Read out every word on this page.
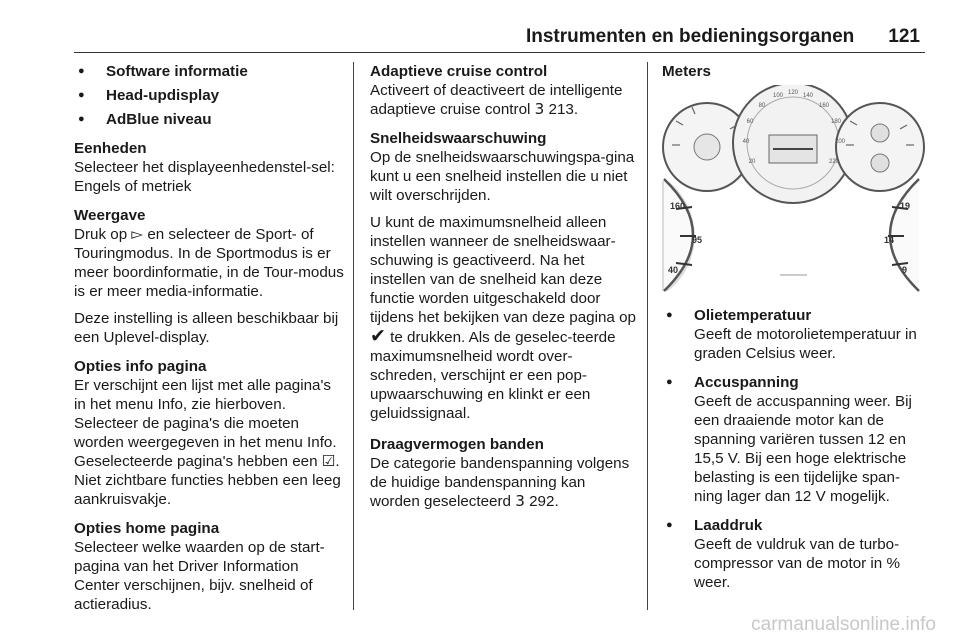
Instrumenten en bedieningsorganen 121
● Software informatie
● Head-updisplay
● AdBlue niveau

Eenheden

Selecteer het displayeenhedenstel-sel: Engels of metriek

Weergave

Druk op ▻ en selecteer de Sport- of Touringmodus. In de Sportmodus is er meer boordinformatie, in de Tour-modus is er meer media-informatie.

Deze instelling is alleen beschikbaar bij een Uplevel-display.

Opties info pagina

Er verschijnt een lijst met alle pagina's in het menu Info, zie hierboven. Selecteer de pagina's die moeten worden weergegeven in het menu Info. Geselecteerde pagina's hebben een ☑. Niet zichtbare functies hebben een leeg aankruisvakje.

Opties home pagina

Selecteer welke waarden op de start-pagina van het Driver Information Center verschijnen, bijv. snelheid of actieradius.

Adaptieve cruise control

Activeert of deactiveert de intelligente adaptieve cruise control 3 213.

Snelheidswaarschuwing

Op de snelheidswaarschuwingspa-gina kunt u een snelheid instellen die u niet wilt overschrijden.

U kunt de maximumsnelheid alleen instellen wanneer de snelheidswaar-schuwing is geactiveerd. Na het instellen van de snelheid kan deze functie worden uitgeschakeld door tijdens het bekijken van deze pagina op ✔ te drukken. Als de geselec-teerde maximumsnelheid wordt over-schreden, verschijnt er een pop-upwaarschuwing en klinkt er een geluidssignaal.

Draagvermogen banden

De categorie bandenspanning volgens de huidige bandenspanning kan worden geselecteerd 3 292.

Meters

20
40
60
80
100 120 140
160
180
200
220
160
95
40
19
14
9

● Olietemperatuur

Geeft de motorolietemperatuur in graden Celsius weer.

● Accuspanning

Geeft de accuspanning weer. Bij een draaiende motor kan de spanning variëren tussen 12 en 15,5 V. Bij een hoge elektrische belasting is een tijdelijke span-ning lager dan 12 V mogelijk.

● Laaddruk

Geeft de vuldruk van de turbo-compressor van de motor in % weer.

carmanualsonline.info
